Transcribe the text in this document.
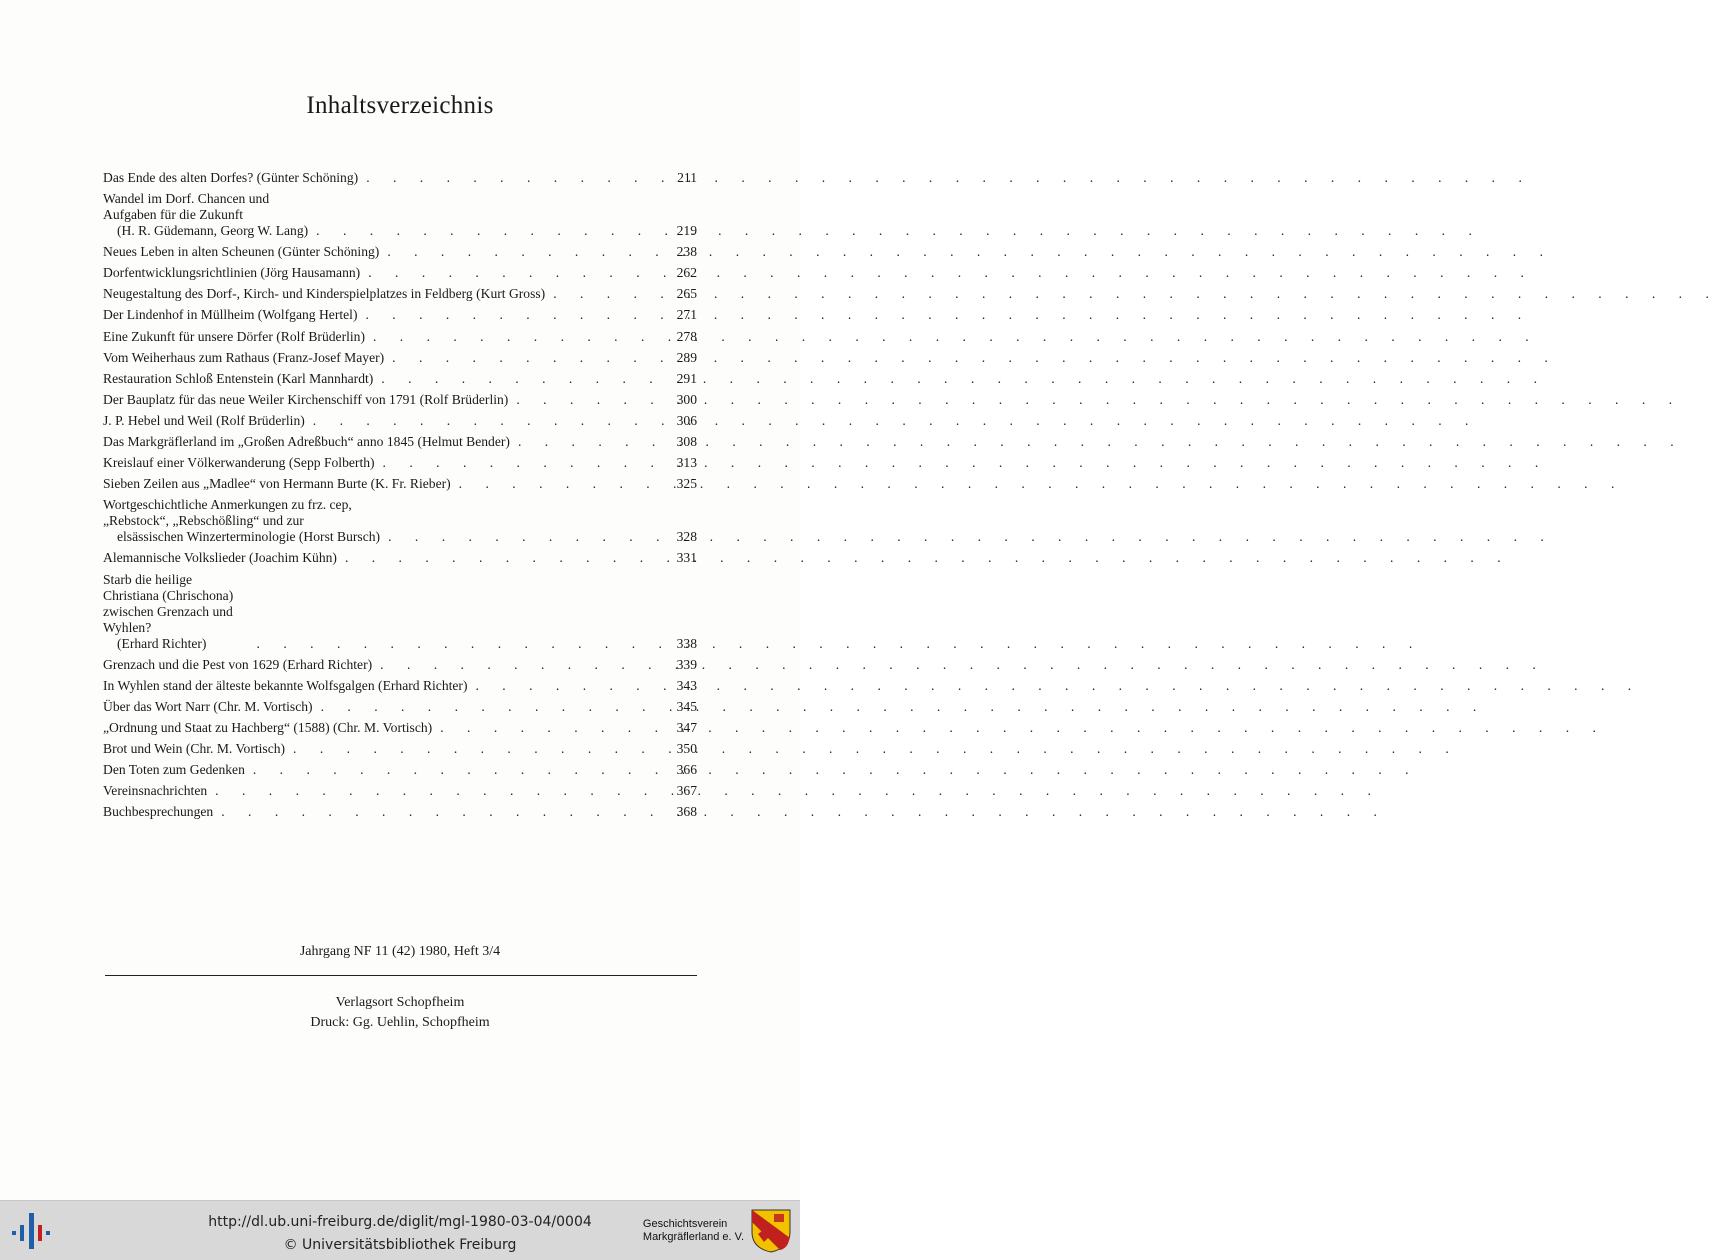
Inhaltsverzeichnis
Das Ende des alten Dorfes? (Günter Schöning) . . .	211
Wandel im Dorf. Chancen und Aufgaben für die Zukunft
(H. R. Güdemann, Georg W. Lang) . . .	219
Neues Leben in alten Scheunen (Günter Schöning) . . .	238
Dorfentwicklungsrichtlinien (Jörg Hausamann) . . .	262
Neugestaltung des Dorf-, Kirch- und Kinderspielplatzes in Feldberg (Kurt Gross) . . .	265
Der Lindenhof in Müllheim (Wolfgang Hertel) . . .	271
Eine Zukunft für unsere Dörfer (Rolf Brüderlin) . . .	278
Vom Weiherhaus zum Rathaus (Franz-Josef Mayer) . . .	289
Restauration Schloß Entenstein (Karl Mannhardt) . . .	291
Der Bauplatz für das neue Weiler Kirchenschiff von 1791 (Rolf Brüderlin) . . .	300
J. P. Hebel und Weil (Rolf Brüderlin) . . .	306
Das Markgräflerland im „Großen Adreßbuch“ anno 1845 (Helmut Bender) . . .	308
Kreislauf einer Völkerwanderung (Sepp Folberth) . . .	313
Sieben Zeilen aus „Madlee“ von Hermann Burte (K. Fr. Rieber) . . .	325
Wortgeschichtliche Anmerkungen zu frz. cep, „Rebstock“, „Rebschößling“ und zur
elsässischen Winzerterminologie (Horst Bursch) . . .	328
Alemannische Volkslieder (Joachim Kühn) . . .	331
Starb die heilige Christiana (Chrischona) zwischen Grenzach und Wyhlen?
(Erhard Richter) . . .	338
Grenzach und die Pest von 1629 (Erhard Richter) . . .	339
In Wyhlen stand der älteste bekannte Wolfsgalgen (Erhard Richter) . . .	343
Über das Wort Narr (Chr. M. Vortisch) . . .	345
„Ordnung und Staat zu Hachberg“ (1588) (Chr. M. Vortisch) . . .	347
Brot und Wein (Chr. M. Vortisch) . . .	350
Den Toten zum Gedenken . . .	366
Vereinsnachrichten . . .	367
Buchbesprechungen . . .	368
Jahrgang NF 11 (42) 1980, Heft 3/4
Verlagsort Schopfheim
Druck: Gg. Uehlin, Schopfheim
http://dl.ub.uni-freiburg.de/diglit/mgl-1980-03-04/0004
© Universitätsbibliothek Freiburg
Geschichtsverein
Markgräflerland e. V.
